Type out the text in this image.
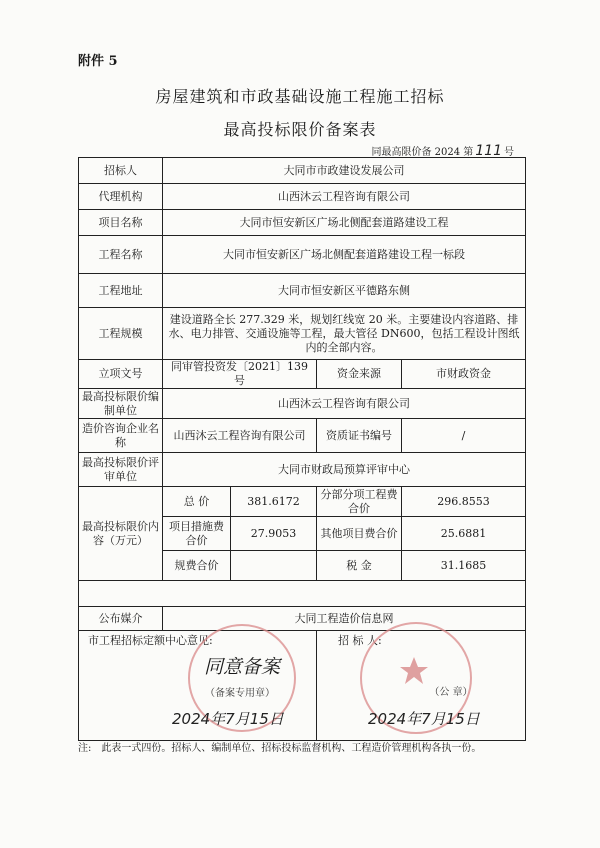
附件 5
房屋建筑和市政基础设施工程施工招标
最高投标限价备案表
同最高限价备 2024 第 111 号
招标人	大同市市政建设发展公司			
代理机构	山西沐云工程咨询有限公司			
项目名称	大同市恒安新区广场北侧配套道路建设工程			
工程名称	大同市恒安新区广场北侧配套道路建设工程一标段			
工程地址	大同市恒安新区平德路东侧			
工程规模	建设道路全长 277.329 米，规划红线宽 20 米。主要建设内容道路、排水、电力排管、交通设施等工程，最大管径 DN600，包括工程设计图纸内的全部内容。			
立项文号	同审管投资发〔2021〕139 号		资金来源	市财政资金
最高投标限价编制单位	山西沐云工程咨询有限公司			
造价咨询企业名称	山西沐云工程咨询有限公司		资质证书编号	/
最高投标限价评审单位	大同市财政局预算评审中心			
最高投标限价内容（万元）	总 价	381.6172	分部分项工程费合价	296.8553
	项目措施费合价	27.9053	其他项目费合价	25.6881
	规费合价		税 金	31.1685

公布媒介	大同工程造价信息网			

市工程招标定额中心意见:
同意备案
（备案专用章）
2024年7月15日
招 标 人:
（公 章）
2024年7月15日
注:　此表一式四份。招标人、编制单位、招标投标监督机构、工程造价管理机构各执一份。
